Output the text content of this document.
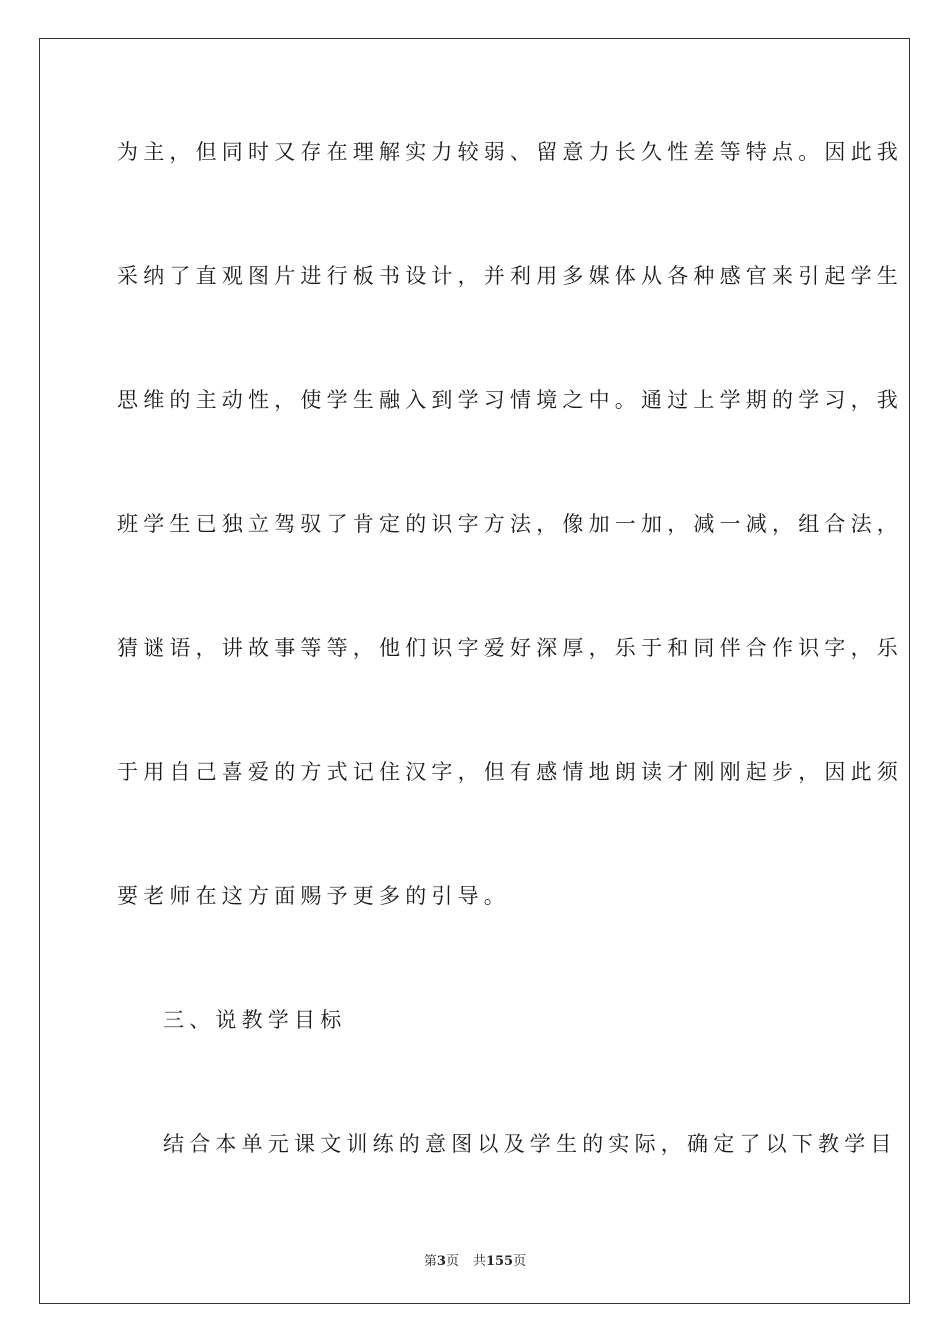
为主，但同时又存在理解实力较弱、留意力长久性差等特点。因此我
采纳了直观图片进行板书设计，并利用多媒体从各种感官来引起学生
思维的主动性，使学生融入到学习情境之中。通过上学期的学习，我
班学生已独立驾驭了肯定的识字方法，像加一加，减一减，组合法，
猜谜语，讲故事等等，他们识字爱好深厚，乐于和同伴合作识字，乐
于用自己喜爱的方式记住汉字，但有感情地朗读才刚刚起步，因此须
要老师在这方面赐予更多的引导。
三、说教学目标
结合本单元课文训练的意图以及学生的实际，确定了以下教学目
第3页 共155页
